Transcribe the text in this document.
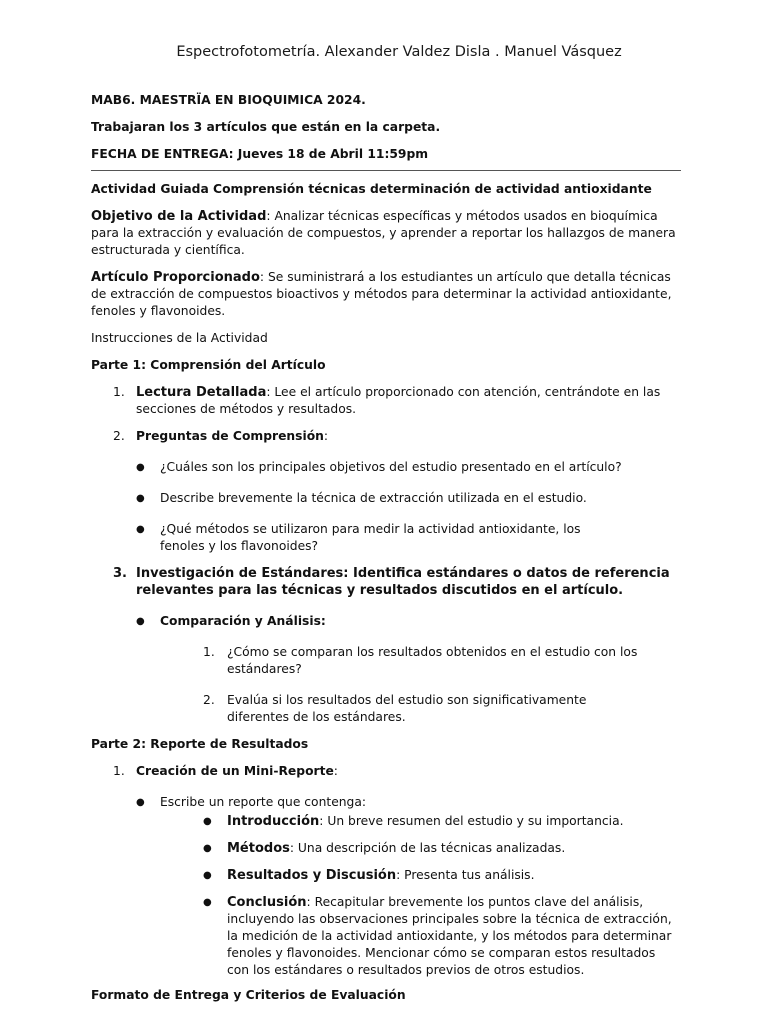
Espectrofotometría. Alexander Valdez Disla . Manuel Vásquez

MAB6. MAESTRÏA EN BIOQUIMICA 2024.

Trabajaran los 3 artículos que están en la carpeta.

FECHA DE ENTREGA: Jueves 18 de Abril 11:59pm

Actividad Guiada Comprensión técnicas determinación de actividad antioxidante

Objetivo de la Actividad: Analizar técnicas específicas y métodos usados en bioquímica para la extracción y evaluación de compuestos, y aprender a reportar los hallazgos de manera estructurada y científica.

Artículo Proporcionado: Se suministrará a los estudiantes un artículo que detalla técnicas de extracción de compuestos bioactivos y métodos para determinar la actividad antioxidante, fenoles y flavonoides.

Instrucciones de la Actividad

Parte 1: Comprensión del Artículo

1. Lectura Detallada: Lee el artículo proporcionado con atención, centrándote en las secciones de métodos y resultados.
2. Preguntas de Comprensión:
●	¿Cuáles son los principales objetivos del estudio presentado en el artículo?
●	Describe brevemente la técnica de extracción utilizada en el estudio.
●	¿Qué métodos se utilizaron para medir la actividad antioxidante, los fenoles y los flavonoides?
3. Investigación de Estándares: Identifica estándares o datos de referencia relevantes para las técnicas y resultados discutidos en el artículo.
●	Comparación y Análisis:
1. ¿Cómo se comparan los resultados obtenidos en el estudio con los estándares?
2. Evalúa si los resultados del estudio son significativamente diferentes de los estándares.

Parte 2: Reporte de Resultados

1. Creación de un Mini-Reporte:
●	Escribe un reporte que contenga:
●	Introducción: Un breve resumen del estudio y su importancia.
●	Métodos: Una descripción de las técnicas analizadas.
●	Resultados y Discusión: Presenta tus análisis.
●	Conclusión: Recapitular brevemente los puntos clave del análisis, incluyendo las observaciones principales sobre la técnica de extracción, la medición de la actividad antioxidante, y los métodos para determinar fenoles y flavonoides. Mencionar cómo se comparan estos resultados con los estándares o resultados previos de otros estudios.

Formato de Entrega y Criterios de Evaluación
